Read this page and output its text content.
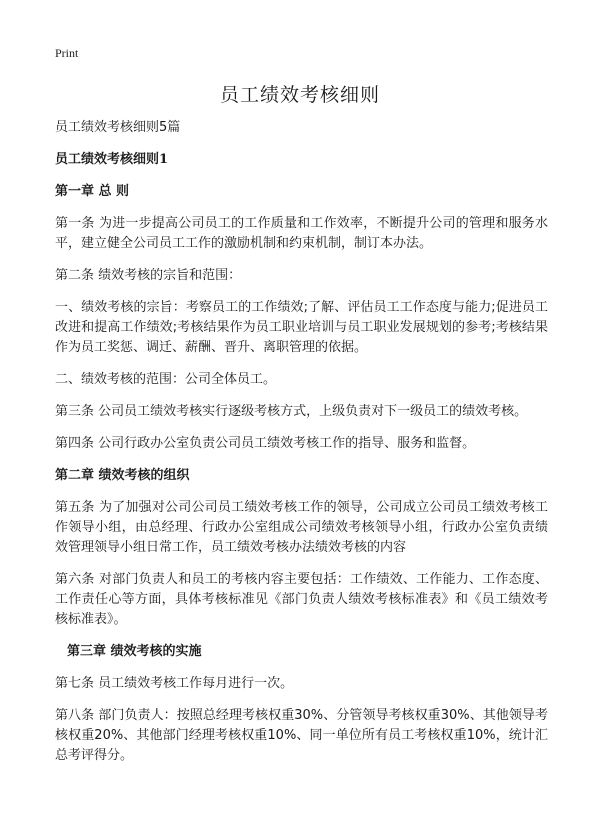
Print
员工绩效考核细则

员工绩效考核细则5篇

员工绩效考核细则1

第一章 总 则

第一条 为进一步提高公司员工的工作质量和工作效率，不断提升公司的管理和服务水平，建立健全公司员工工作的激励机制和约束机制，制订本办法。

第二条 绩效考核的宗旨和范围：

一、绩效考核的宗旨：考察员工的工作绩效;了解、评估员工工作态度与能力;促进员工改进和提高工作绩效;考核结果作为员工职业培训与员工职业发展规划的参考;考核结果作为员工奖惩、调迁、薪酬、晋升、离职管理的依据。

二、绩效考核的范围：公司全体员工。

第三条 公司员工绩效考核实行逐级考核方式，上级负责对下一级员工的绩效考核。

第四条 公司行政办公室负责公司员工绩效考核工作的指导、服务和监督。

第二章 绩效考核的组织

第五条 为了加强对公司公司员工绩效考核工作的领导，公司成立公司员工绩效考核工作领导小组，由总经理、行政办公室组成公司绩效考核领导小组，行政办公室负责绩效管理领导小组日常工作，员工绩效考核办法绩效考核的内容

第六条 对部门负责人和员工的考核内容主要包括：工作绩效、工作能力、工作态度、工作责任心等方面，具体考核标准见《部门负责人绩效考核标准表》和《员工绩效考核标准表》。

第三章 绩效考核的实施

第七条 员工绩效考核工作每月进行一次。

第八条 部门负责人：按照总经理考核权重30%、分管领导考核权重30%、其他领导考核权重20%、其他部门经理考核权重10%、同一单位所有员工考核权重10%，统计汇总考评得分。
